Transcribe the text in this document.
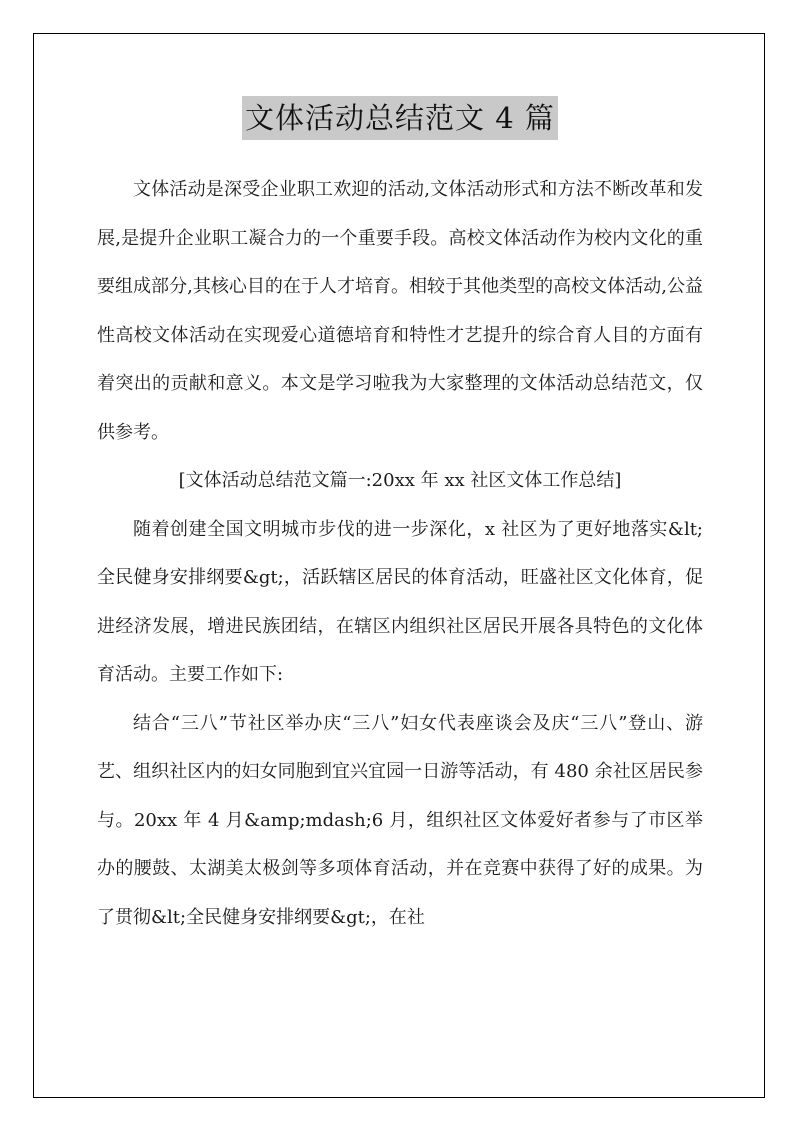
文体活动总结范文 4 篇

文体活动是深受企业职工欢迎的活动,文体活动形式和方法不断改革和发展,是提升企业职工凝合力的一个重要手段。高校文体活动作为校内文化的重要组成部分,其核心目的在于人才培育。相较于其他类型的高校文体活动,公益性高校文体活动在实现爱心道德培育和特性才艺提升的综合育人目的方面有着突出的贡献和意义。本文是学习啦我为大家整理的文体活动总结范文，仅供参考。

[文体活动总结范文篇一:20xx 年 xx 社区文体工作总结]

随着创建全国文明城市步伐的进一步深化，x 社区为了更好地落实&lt;全民健身安排纲要&gt;，活跃辖区居民的体育活动，旺盛社区文化体育，促进经济发展，增进民族团结，在辖区内组织社区居民开展各具特色的文化体育活动。主要工作如下:

结合“三八”节社区举办庆“三八”妇女代表座谈会及庆“三八”登山、游艺、组织社区内的妇女同胞到宜兴宜园一日游等活动，有 480 余社区居民参与。20xx 年 4 月&amp;mdash;6 月，组织社区文体爱好者参与了市区举办的腰鼓、太湖美太极剑等多项体育活动，并在竞赛中获得了好的成果。为了贯彻&lt;全民健身安排纲要&gt;，在社
